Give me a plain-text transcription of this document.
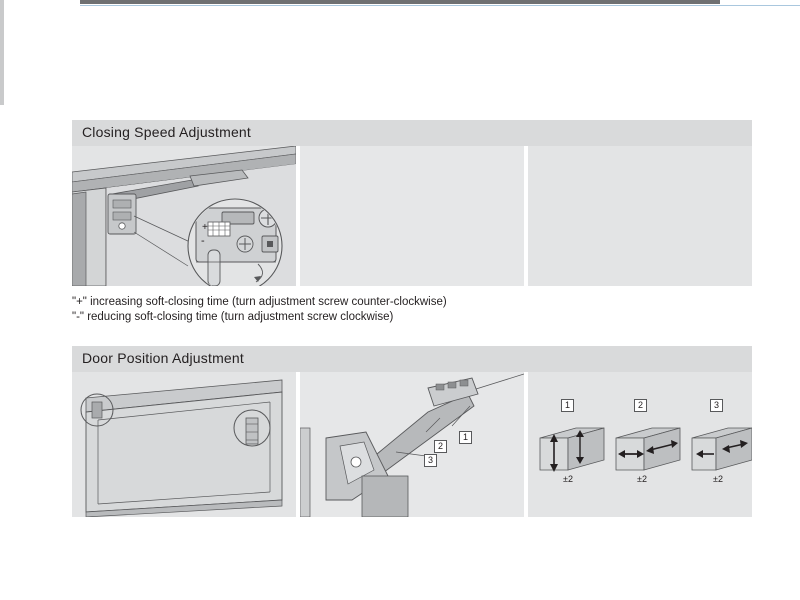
Closing Speed Adjustment
+
-
"+" increasing soft-closing time (turn adjustment screw counter-clockwise)
"-" reducing soft-closing time (turn adjustment screw clockwise)
Door Position Adjustment
1
2
3
1	2	3
±2	±2	±2
